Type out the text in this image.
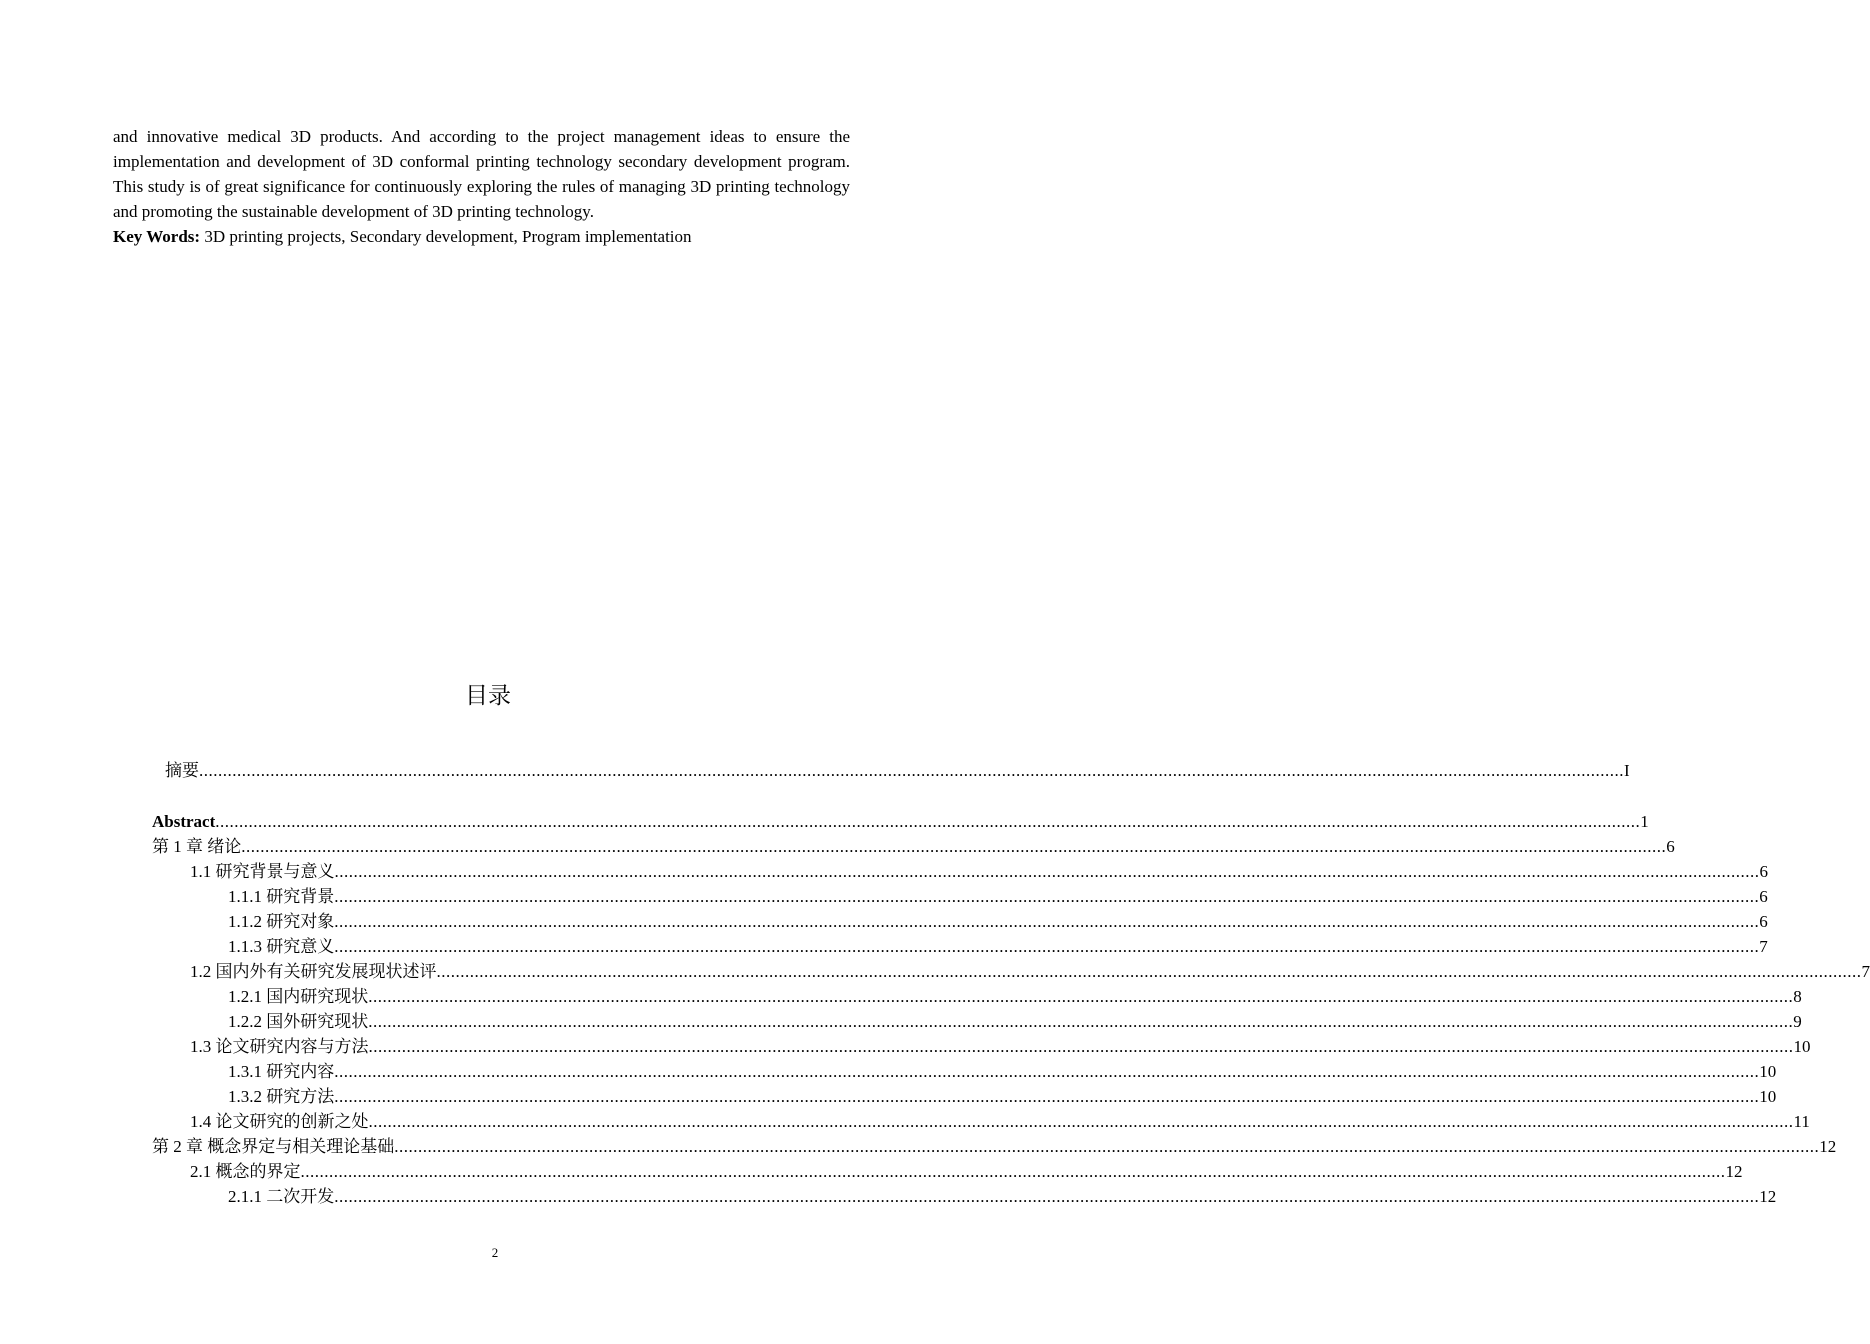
and innovative medical 3D products. And according to the project management ideas to ensure the implementation and development of 3D conformal printing technology secondary development program. This study is of great significance for continuously exploring the rules of managing 3D printing technology and promoting the sustainable development of 3D printing technology.

Key Words: 3D printing projects, Secondary development, Program implementation

目录
摘要 ............................................................................................................................................................................................................................................................................................................ I
Abstract ............................................................................................................................................................................................................................................................................................................ 1
第 1 章 绪论 ............................................................................................................................................................................................................................................................................................................ 6
1.1 研究背景与意义 ............................................................................................................................................................................................................................................................................................................ 6
1.1.1 研究背景 ............................................................................................................................................................................................................................................................................................................ 6
1.1.2 研究对象 ............................................................................................................................................................................................................................................................................................................ 6
1.1.3 研究意义 ............................................................................................................................................................................................................................................................................................................ 7
1.2 国内外有关研究发展现状述评 ............................................................................................................................................................................................................................................................................................................ 7
1.2.1 国内研究现状 ............................................................................................................................................................................................................................................................................................................ 8
1.2.2 国外研究现状 ............................................................................................................................................................................................................................................................................................................ 9
1.3 论文研究内容与方法 ............................................................................................................................................................................................................................................................................................................ 10
1.3.1 研究内容 ............................................................................................................................................................................................................................................................................................................ 10
1.3.2 研究方法 ............................................................................................................................................................................................................................................................................................................ 10
1.4 论文研究的创新之处 ............................................................................................................................................................................................................................................................................................................ 11
第 2 章 概念界定与相关理论基础 ............................................................................................................................................................................................................................................................................................................ 12
2.1 概念的界定 ............................................................................................................................................................................................................................................................................................................ 12
2.1.1 二次开发 ............................................................................................................................................................................................................................................................................................................ 12
2
